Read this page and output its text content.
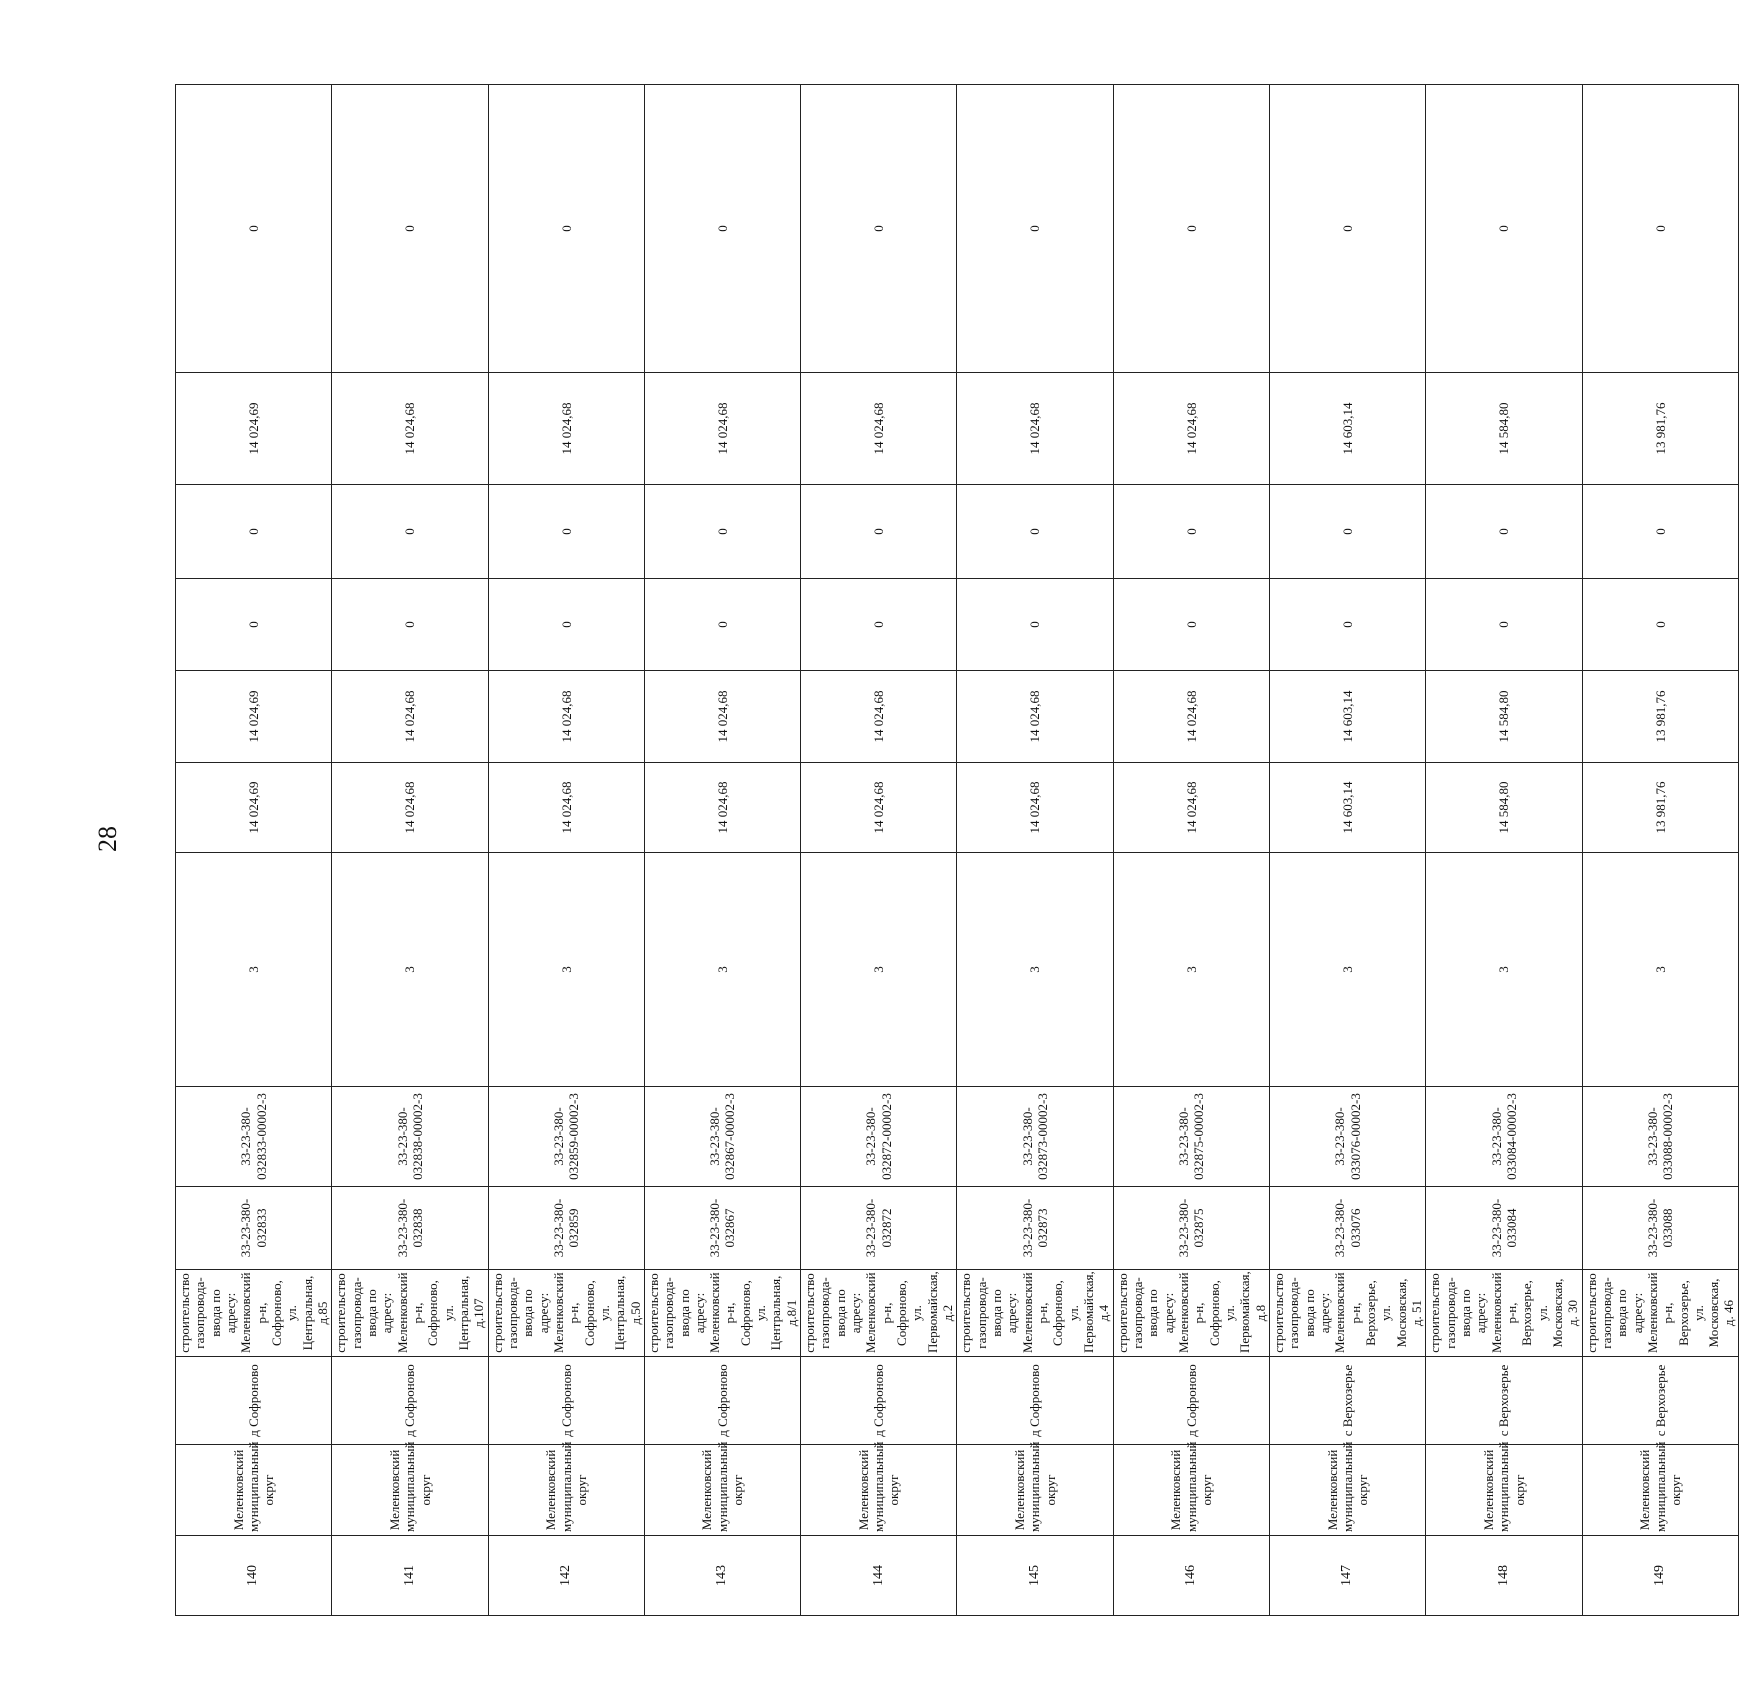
28
140	Меленковский муниципальный округ	д Софроново	строительство газопровода-ввода по адресу: Меленковский р-н, Софроново, ул. Центральная, д.85	33-23-380-032833	33-23-380-032833-00002-3	3	14 024,69	14 024,69	0	0	14 024,69	0
141	Меленковский муниципальный округ	д Софроново	строительство газопровода-ввода по адресу: Меленковский р-н, Софроново, ул. Центральная, д.107	33-23-380-032838	33-23-380-032838-00002-3	3	14 024,68	14 024,68	0	0	14 024,68	0
142	Меленковский муниципальный округ	д Софроново	строительство газопровода-ввода по адресу: Меленковский р-н, Софроново, ул. Центральная, д.50	33-23-380-032859	33-23-380-032859-00002-3	3	14 024,68	14 024,68	0	0	14 024,68	0
143	Меленковский муниципальный округ	д Софроново	строительство газопровода-ввода по адресу: Меленковский р-н, Софроново, ул. Центральная, д.8/1	33-23-380-032867	33-23-380-032867-00002-3	3	14 024,68	14 024,68	0	0	14 024,68	0
144	Меленковский муниципальный округ	д Софроново	строительство газопровода-ввода по адресу: Меленковский р-н, Софроново, ул. Первомайская, д.2	33-23-380-032872	33-23-380-032872-00002-3	3	14 024,68	14 024,68	0	0	14 024,68	0
145	Меленковский муниципальный округ	д Софроново	строительство газопровода-ввода по адресу: Меленковский р-н, Софроново, ул. Первомайская, д.4	33-23-380-032873	33-23-380-032873-00002-3	3	14 024,68	14 024,68	0	0	14 024,68	0
146	Меленковский муниципальный округ	д Софроново	строительство газопровода-ввода по адресу: Меленковский р-н, Софроново, ул. Первомайская, д.8	33-23-380-032875	33-23-380-032875-00002-3	3	14 024,68	14 024,68	0	0	14 024,68	0
147	Меленковский муниципальный округ	с Верхозерье	строительство газопровода-ввода по адресу: Меленковский р-н, Верхозерье, ул. Московская, д. 51	33-23-380-033076	33-23-380-033076-00002-3	3	14 603,14	14 603,14	0	0	14 603,14	0
148	Меленковский муниципальный округ	с Верхозерье	строительство газопровода-ввода по адресу: Меленковский р-н, Верхозерье, ул. Московская, д. 30	33-23-380-033084	33-23-380-033084-00002-3	3	14 584,80	14 584,80	0	0	14 584,80	0
149	Меленковский муниципальный округ	с Верхозерье	строительство газопровода-ввода по адресу: Меленковский р-н, Верхозерье, ул. Московская, д. 46	33-23-380-033088	33-23-380-033088-00002-3	3	13 981,76	13 981,76	0	0	13 981,76	0
